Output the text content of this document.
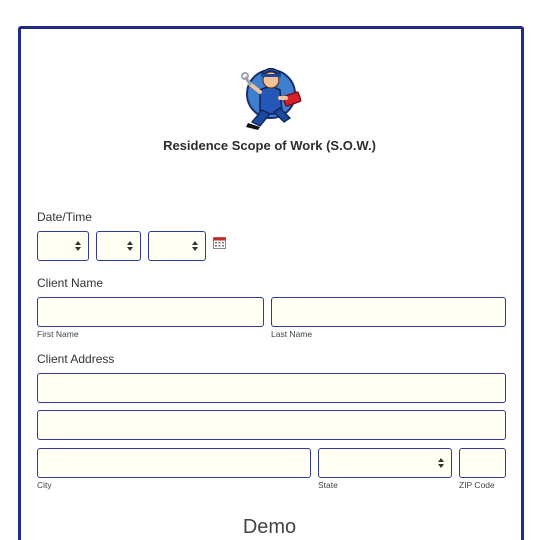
Residence Scope of Work (S.O.W.)
Date/Time
Client Name
First Name	Last Name
Client Address
City	State	ZIP Code
Demo
